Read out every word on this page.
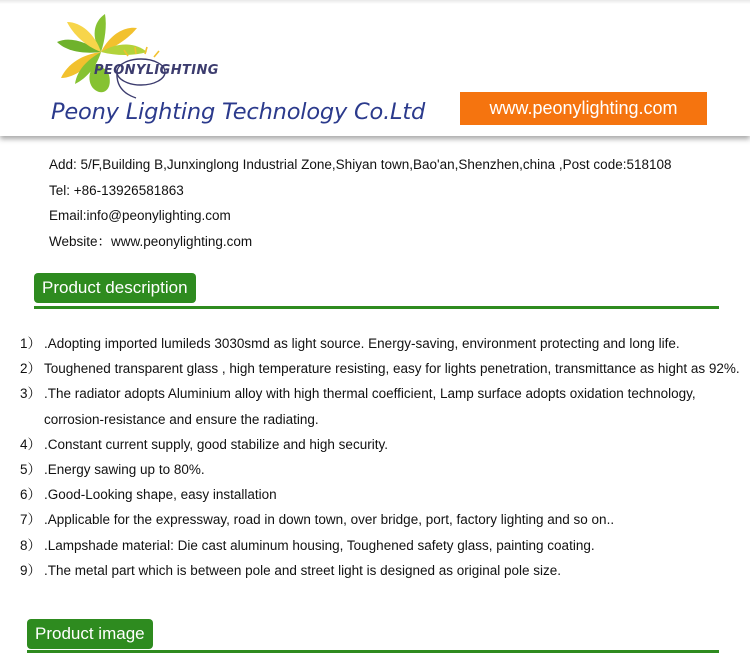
PEONYLIGHTING
Peony Lighting Technology Co.Ltd	www.peonylighting.com
Add: 5/F,Building B,Junxinglong Industrial Zone,Shiyan town,Bao'an,Shenzhen,china ,Post code:518108
Tel: +86-13926581863
Email:info@peonylighting.com
Website：www.peonylighting.com
Product description
1） .Adopting imported lumileds 3030smd as light source. Energy-saving, environment protecting and long life.
2） Toughened transparent glass , high temperature resisting, easy for lights penetration, transmittance as hight as 92%.
3） .The radiator adopts Aluminium alloy with high thermal coefficient, Lamp surface adopts oxidation technology, corrosion-resistance and ensure the radiating.
4） .Constant current supply, good stabilize and high security.
5） .Energy sawing up to 80%.
6） .Good-Looking shape, easy installation
7） .Applicable for the expressway, road in down town, over bridge, port, factory lighting and so on..
8） .Lampshade material: Die cast aluminum housing, Toughened safety glass, painting coating.
9） .The metal part which is between pole and street light is designed as original pole size.
Product image
